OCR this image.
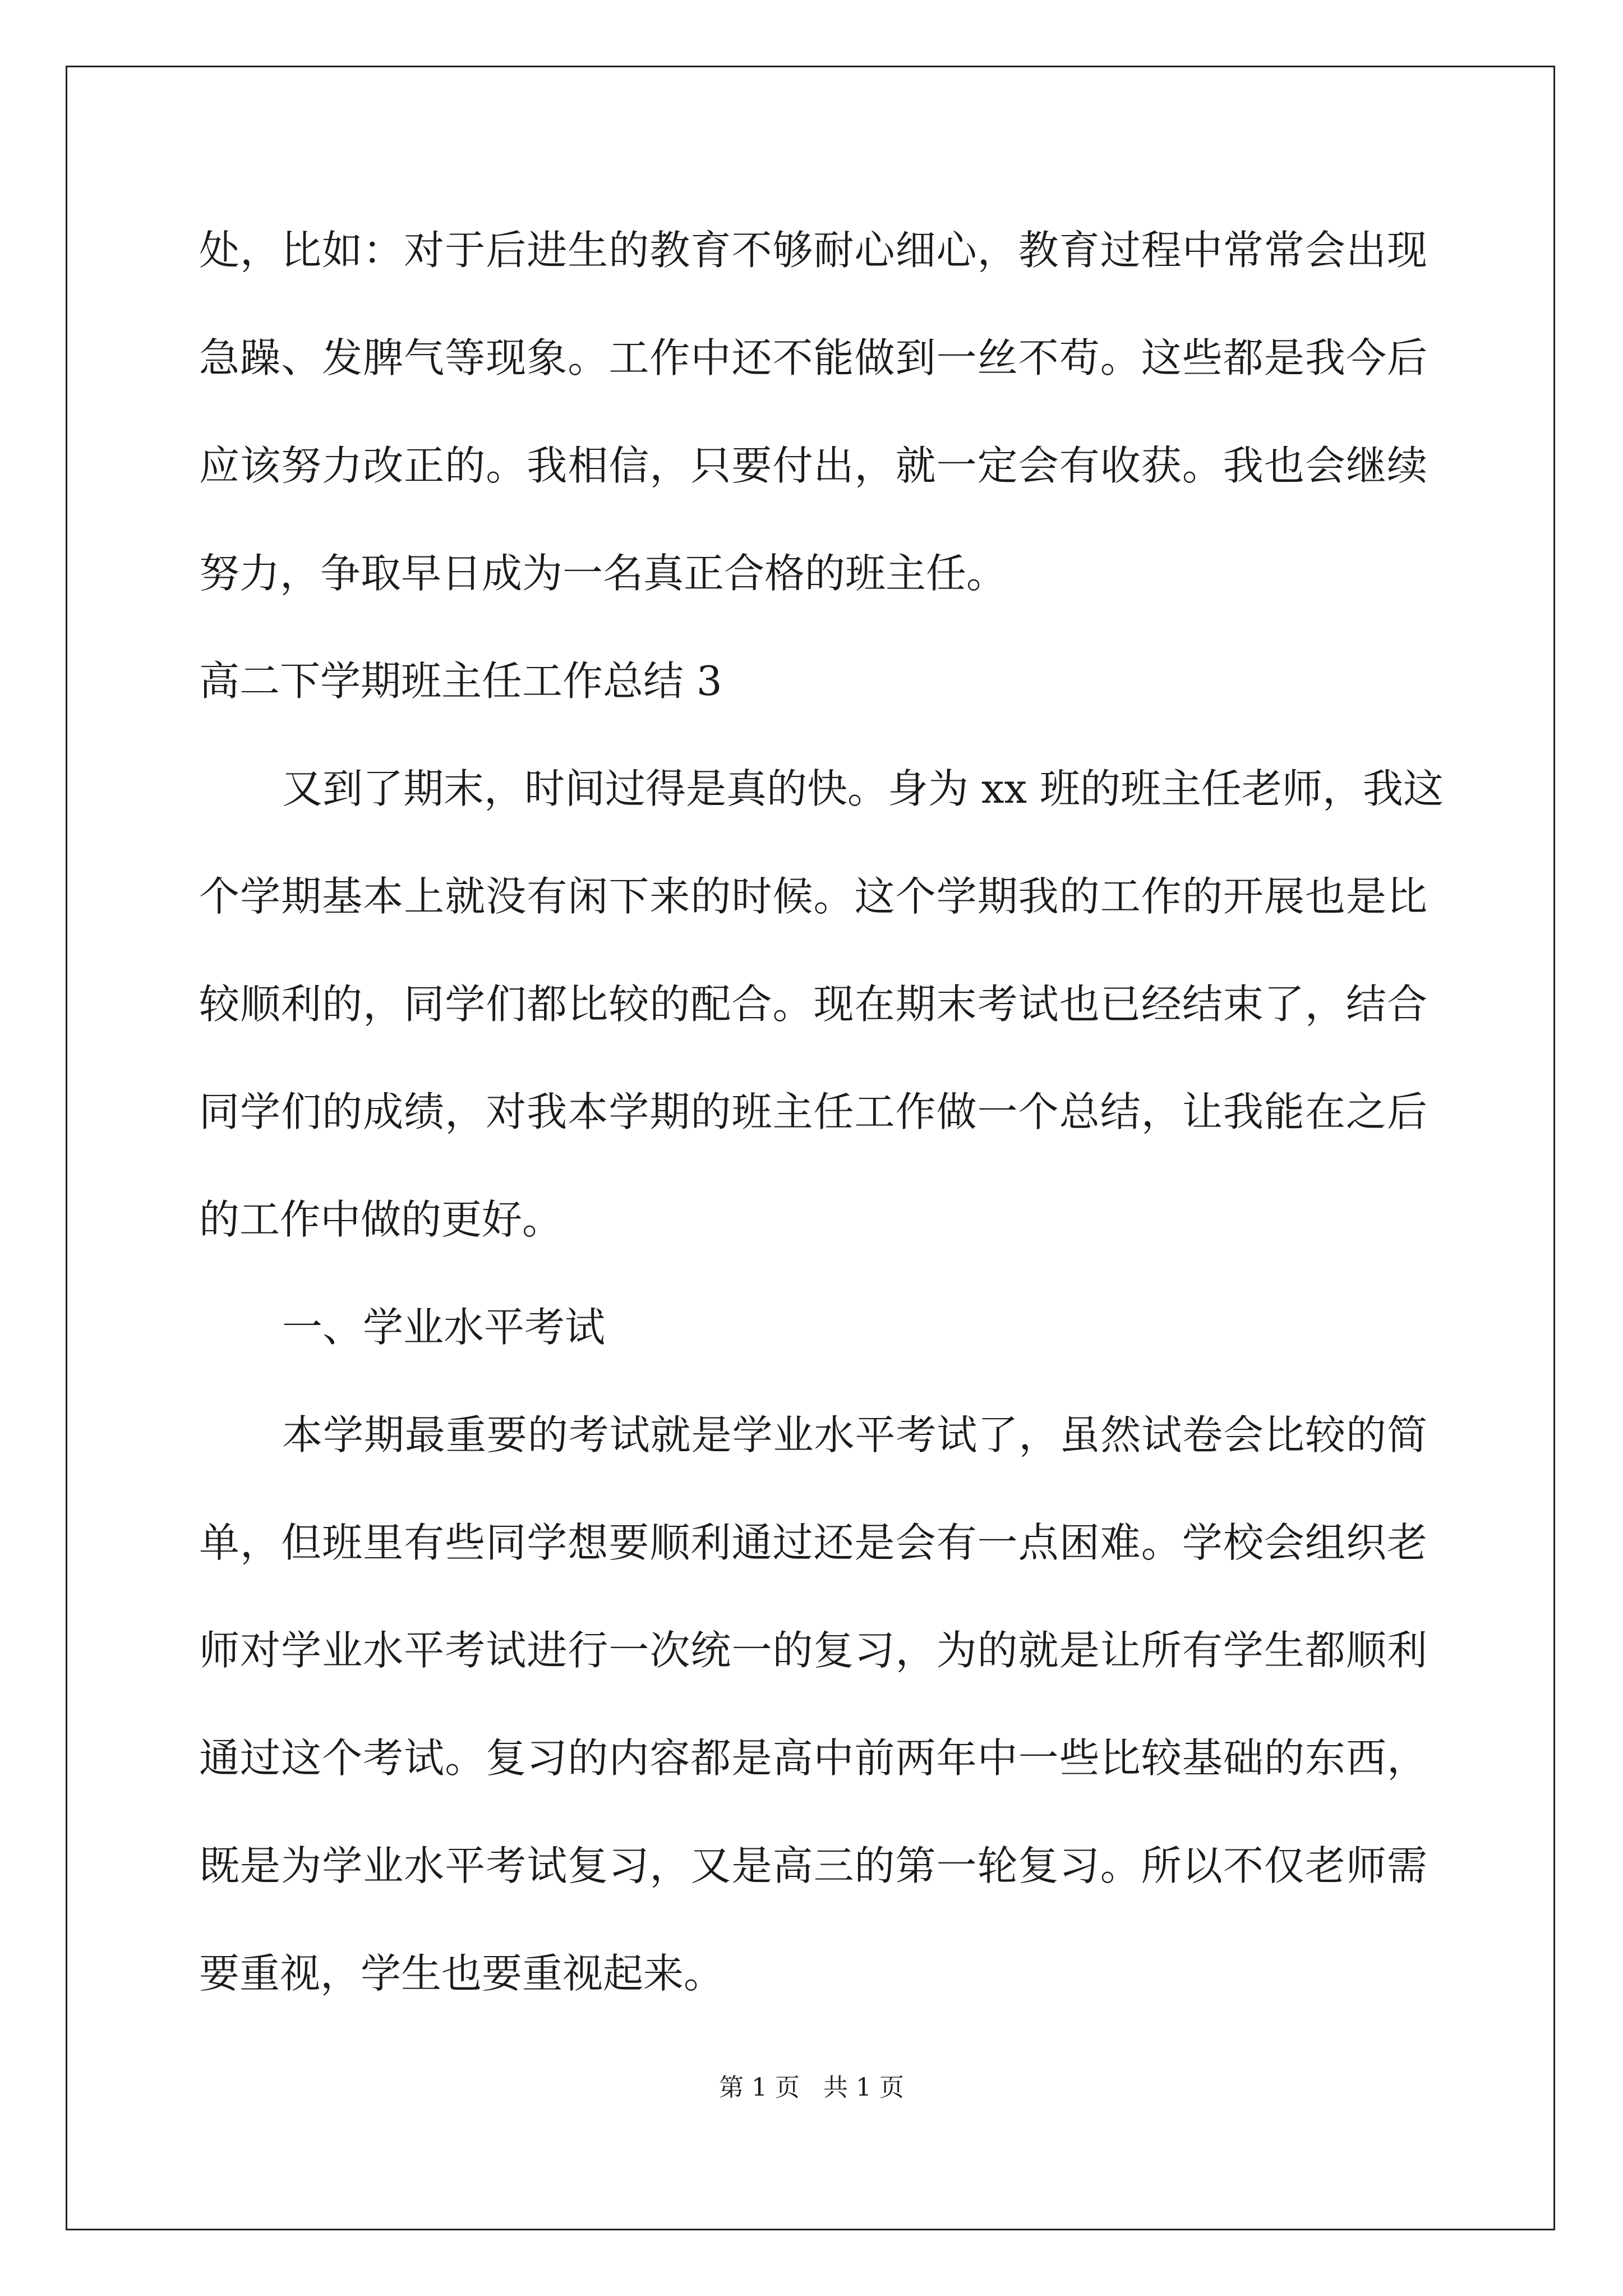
处，比如：对于后进生的教育不够耐心细心，教育过程中常常会出现
急躁、发脾气等现象。工作中还不能做到一丝不苟。这些都是我今后
应该努力改正的。我相信，只要付出，就一定会有收获。我也会继续
努力，争取早日成为一名真正合格的班主任。
高二下学期班主任工作总结 3
又到了期末，时间过得是真的快。身为 xx 班的班主任老师，我这
个学期基本上就没有闲下来的时候。这个学期我的工作的开展也是比
较顺利的，同学们都比较的配合。现在期末考试也已经结束了，结合
同学们的成绩，对我本学期的班主任工作做一个总结，让我能在之后
的工作中做的更好。
一、学业水平考试
本学期最重要的考试就是学业水平考试了，虽然试卷会比较的简
单，但班里有些同学想要顺利通过还是会有一点困难。学校会组织老
师对学业水平考试进行一次统一的复习，为的就是让所有学生都顺利
通过这个考试。复习的内容都是高中前两年中一些比较基础的东西，
既是为学业水平考试复习，又是高三的第一轮复习。所以不仅老师需
要重视，学生也要重视起来。
第 1 页   共 1 页
